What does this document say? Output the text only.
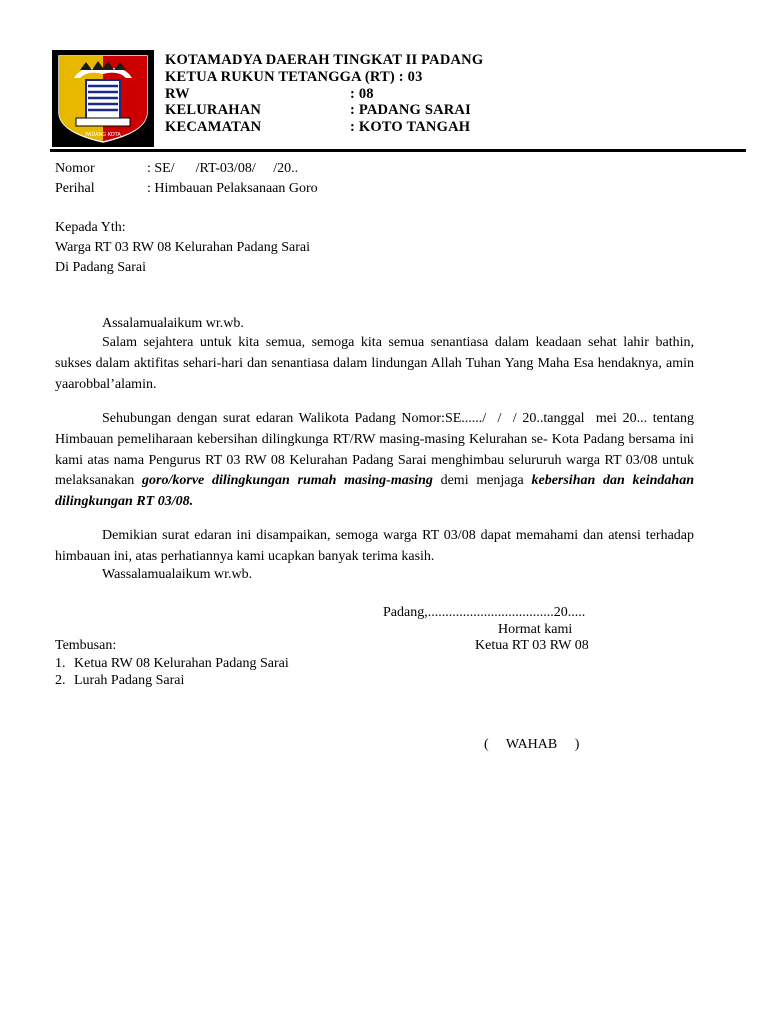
PADANG KOTA
KOTAMADYA DAERAH TINGKAT II PADANG
KETUA RUKUN TETANGGA (RT) : 03
RW	: 08
KELURAHAN	: PADANG SARAI
KECAMATAN	: KOTO TANGAH
Nomor	: SE/      /RT-03/08/     /20..
Perihal	: Himbauan Pelaksanaan Goro
Kepada Yth:
Warga RT 03 RW 08 Kelurahan Padang Sarai
Di Padang Sarai
Assalamualaikum wr.wb.
Salam sejahtera untuk kita semua, semoga kita semua senantiasa dalam keadaan sehat lahir bathin, sukses dalam aktifitas sehari-hari dan senantiasa dalam lindungan Allah Tuhan Yang Maha Esa hendaknya, amin yaarobbal’alamin.
Sehubungan dengan surat edaran Walikota Padang Nomor:SE....../  /  / 20..tanggal  mei 20... tentang Himbauan pemeliharaan kebersihan dilingkunga RT/RW masing-masing Kelurahan se- Kota Padang bersama ini kami atas nama Pengurus RT 03 RW 08 Kelurahan Padang Sarai menghimbau selururuh warga RT 03/08 untuk melaksanakan goro/korve dilingkungan rumah masing-masing demi menjaga kebersihan dan keindahan dilingkungan RT 03/08.
Demikian surat edaran ini disampaikan, semoga warga RT 03/08 dapat memahami dan atensi terhadap himbauan ini, atas perhatiannya kami ucapkan banyak terima kasih.
Wassalamualaikum wr.wb.
Padang,....................................20.....
Hormat kami
Ketua RT 03 RW 08
Tembusan:
1. Ketua RW 08 Kelurahan Padang Sarai
2. Lurah Padang Sarai
(     WAHAB     )
